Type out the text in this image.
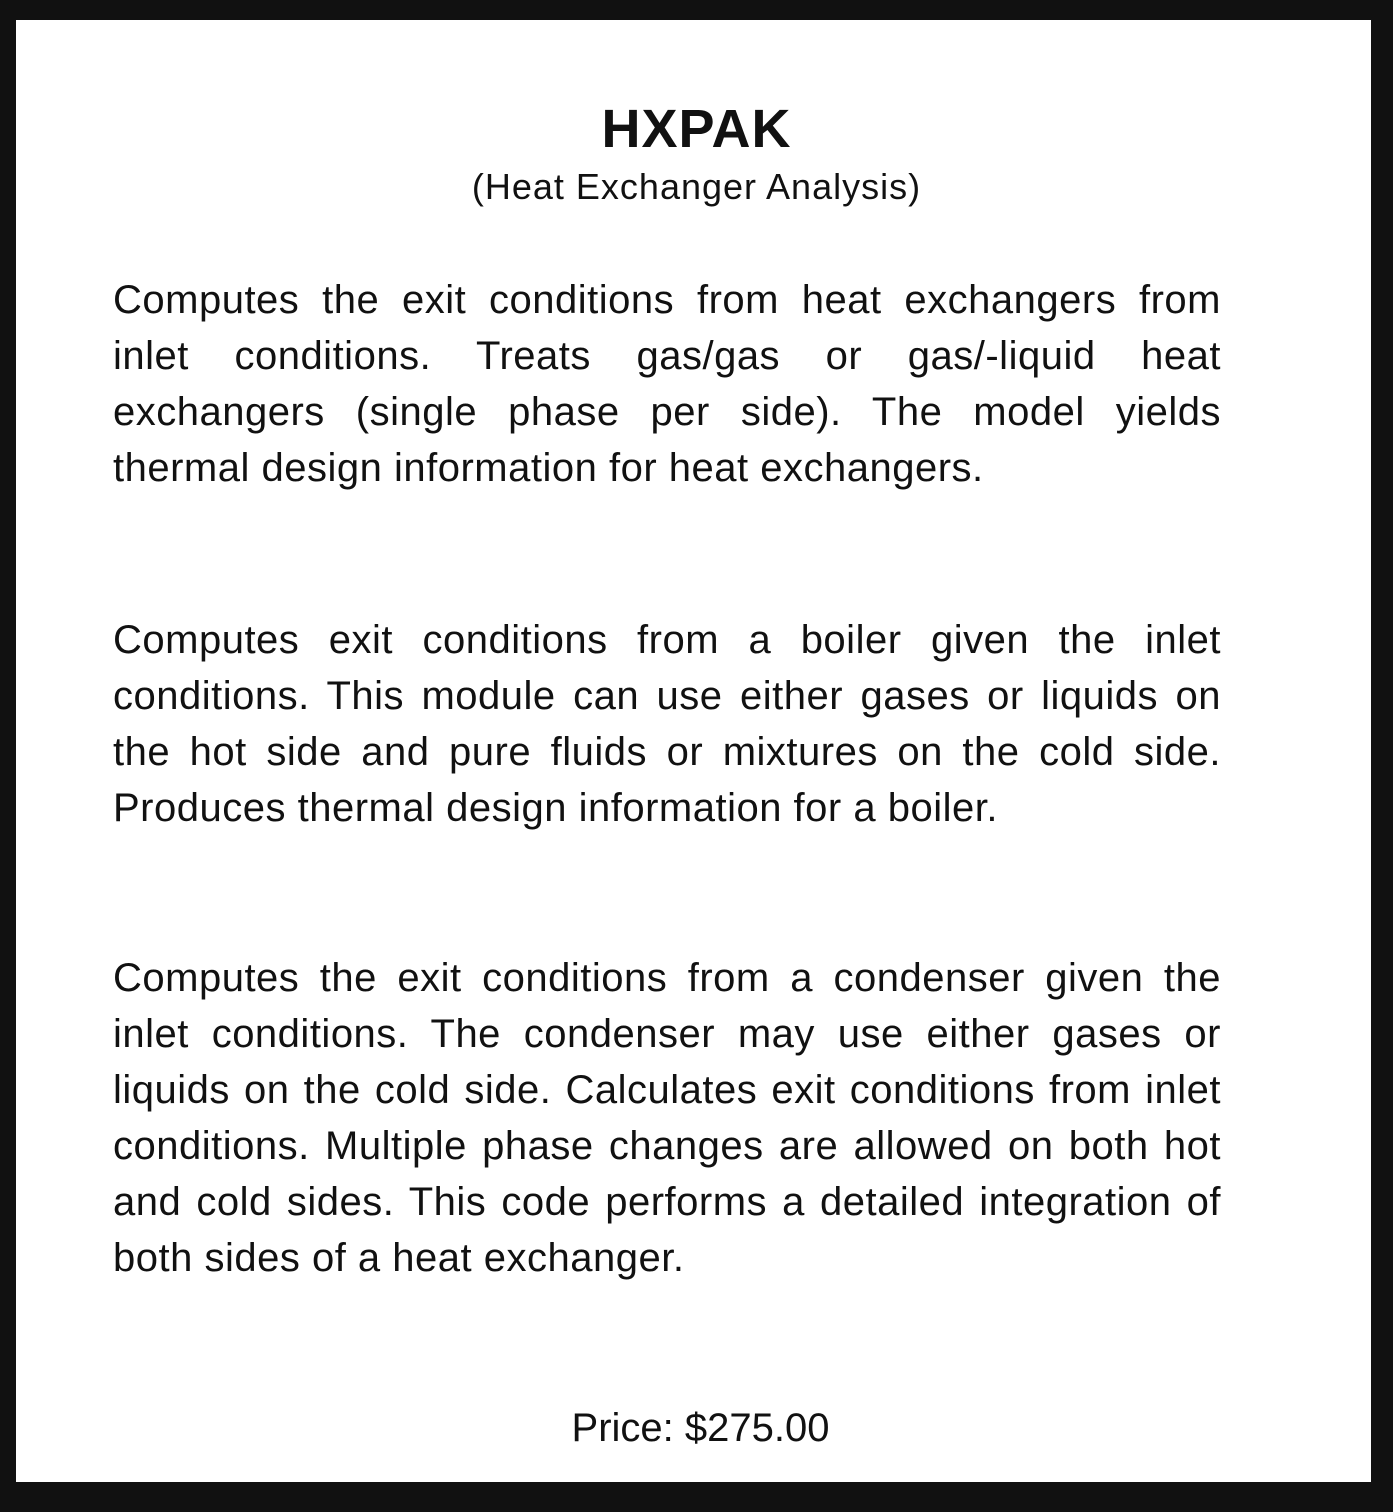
HXPAK

(Heat Exchanger Analysis)

Computes the exit conditions from heat exchangers from inlet conditions. Treats gas/gas or gas/-liquid heat exchangers (single phase per side). The model yields thermal design information for heat exchangers.

Computes exit conditions from a boiler given the inlet conditions. This module can use either gases or liquids on the hot side and pure fluids or mixtures on the cold side. Produces thermal design information for a boiler.

Computes the exit conditions from a condenser given the inlet conditions. The condenser may use either gases or liquids on the cold side. Calculates exit conditions from inlet conditions. Multiple phase changes are allowed on both hot and cold sides. This code performs a detailed integration of both sides of a heat exchanger.

Price: $275.00
